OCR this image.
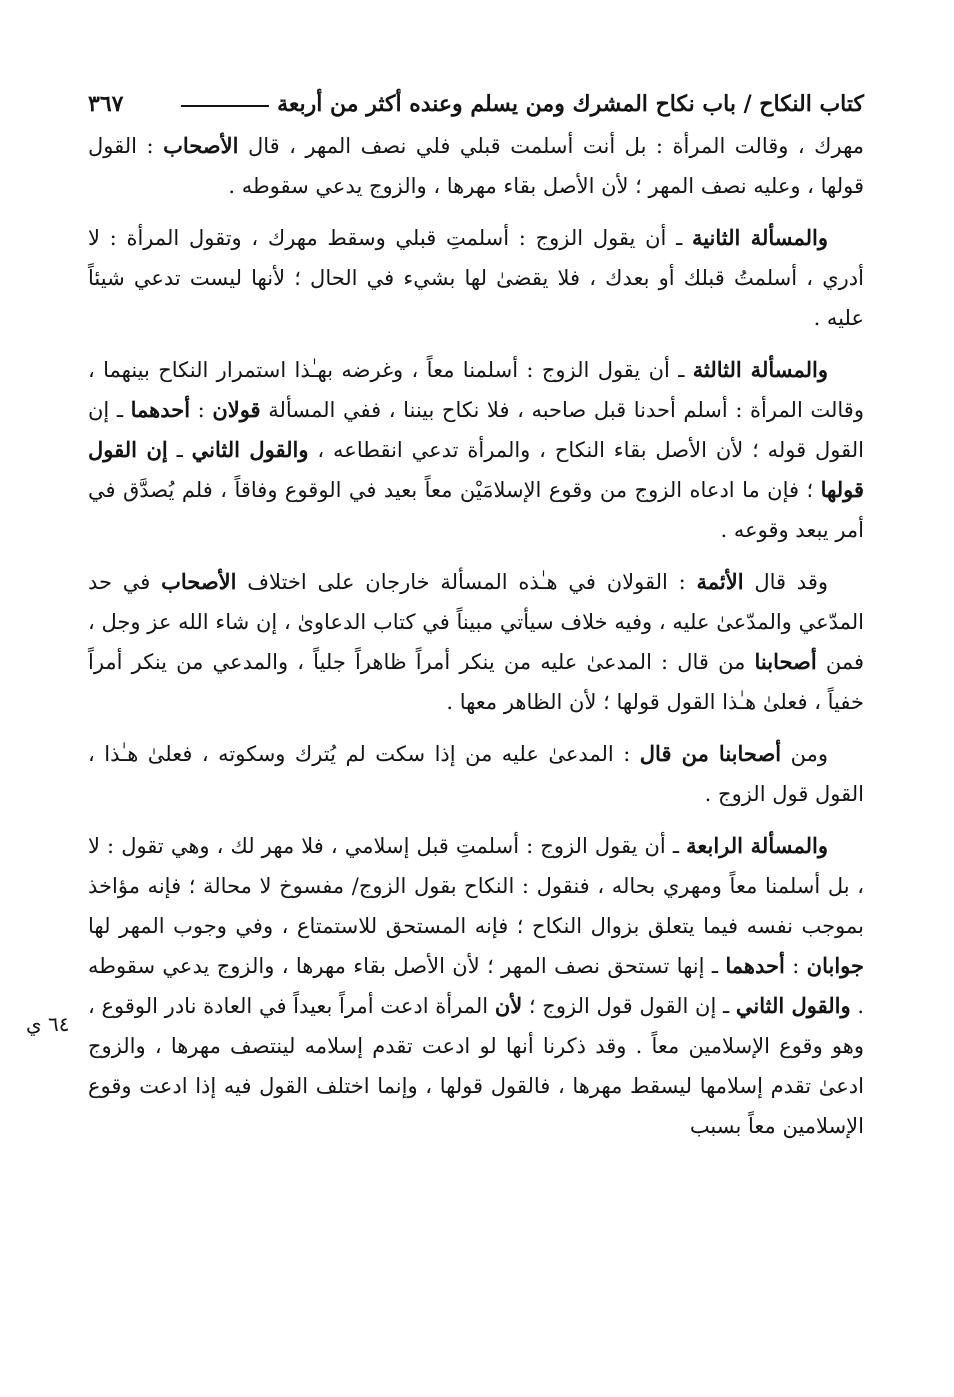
كتاب النكاح / باب نكاح المشرك ومن يسلم وعنده أكثر من أربعة
٣٦٧

مهرك ، وقالت المرأة : بل أنت أسلمت قبلي فلي نصف المهر ، قال الأصحاب : القول قولها ، وعليه نصف المهر ؛ لأن الأصل بقاء مهرها ، والزوج يدعي سقوطه .

والمسألة الثانية ـ أن يقول الزوج : أسلمتِ قبلي وسقط مهرك ، وتقول المرأة : لا أدري ، أسلمتُ قبلك أو بعدك ، فلا يقضىٰ لها بشيء في الحال ؛ لأنها ليست تدعي شيئاً عليه .

والمسألة الثالثة ـ أن يقول الزوج : أسلمنا معاً ، وغرضه بهـٰذا استمرار النكاح بينهما ، وقالت المرأة : أسلم أحدنا قبل صاحبه ، فلا نكاح بيننا ، ففي المسألة قولان : أحدهما ـ إن القول قوله ؛ لأن الأصل بقاء النكاح ، والمرأة تدعي انقطاعه ، والقول الثاني ـ إن القول قولها ؛ فإن ما ادعاه الزوج من وقوع الإسلامَيْن معاً بعيد في الوقوع وفاقاً ، فلم يُصدَّق في أمر يبعد وقوعه .

وقد قال الأئمة : القولان في هـٰذه المسألة خارجان على اختلاف الأصحاب في حد المدّعي والمدّعىٰ عليه ، وفيه خلاف سيأتي مبيناً في كتاب الدعاوىٰ ، إن شاء الله عز وجل ، فمن أصحابنا من قال : المدعىٰ عليه من ينكر أمراً ظاهراً جلياً ، والمدعي من ينكر أمراً خفياً ، فعلىٰ هـٰذا القول قولها ؛ لأن الظاهر معها .

ومن أصحابنا من قال : المدعىٰ عليه من إذا سكت لم يُترك وسكوته ، فعلىٰ هـٰذا ، القول قول الزوج .

والمسألة الرابعة ـ أن يقول الزوج : أسلمتِ قبل إسلامي ، فلا مهر لك ، وهي تقول : لا ، بل أسلمنا معاً ومهري بحاله ، فنقول : النكاح بقول الزوج/ مفسوخ لا محالة ؛ فإنه مؤاخذ بموجب نفسه فيما يتعلق بزوال النكاح ؛ فإنه المستحق للاستمتاع ، وفي وجوب المهر لها جوابان : أحدهما ـ إنها تستحق نصف المهر ؛ لأن الأصل بقاء مهرها ، والزوج يدعي سقوطه . والقول الثاني ـ إن القول قول الزوج ؛ لأن المرأة ادعت أمراً بعيداً في العادة نادر الوقوع ، وهو وقوع الإسلامين معاً . وقد ذكرنا أنها لو ادعت تقدم إسلامه لينتصف مهرها ، والزوج ادعىٰ تقدم إسلامها ليسقط مهرها ، فالقول قولها ، وإنما اختلف القول فيه إذا ادعت وقوع الإسلامين معاً بسبب

٦٤ ي
